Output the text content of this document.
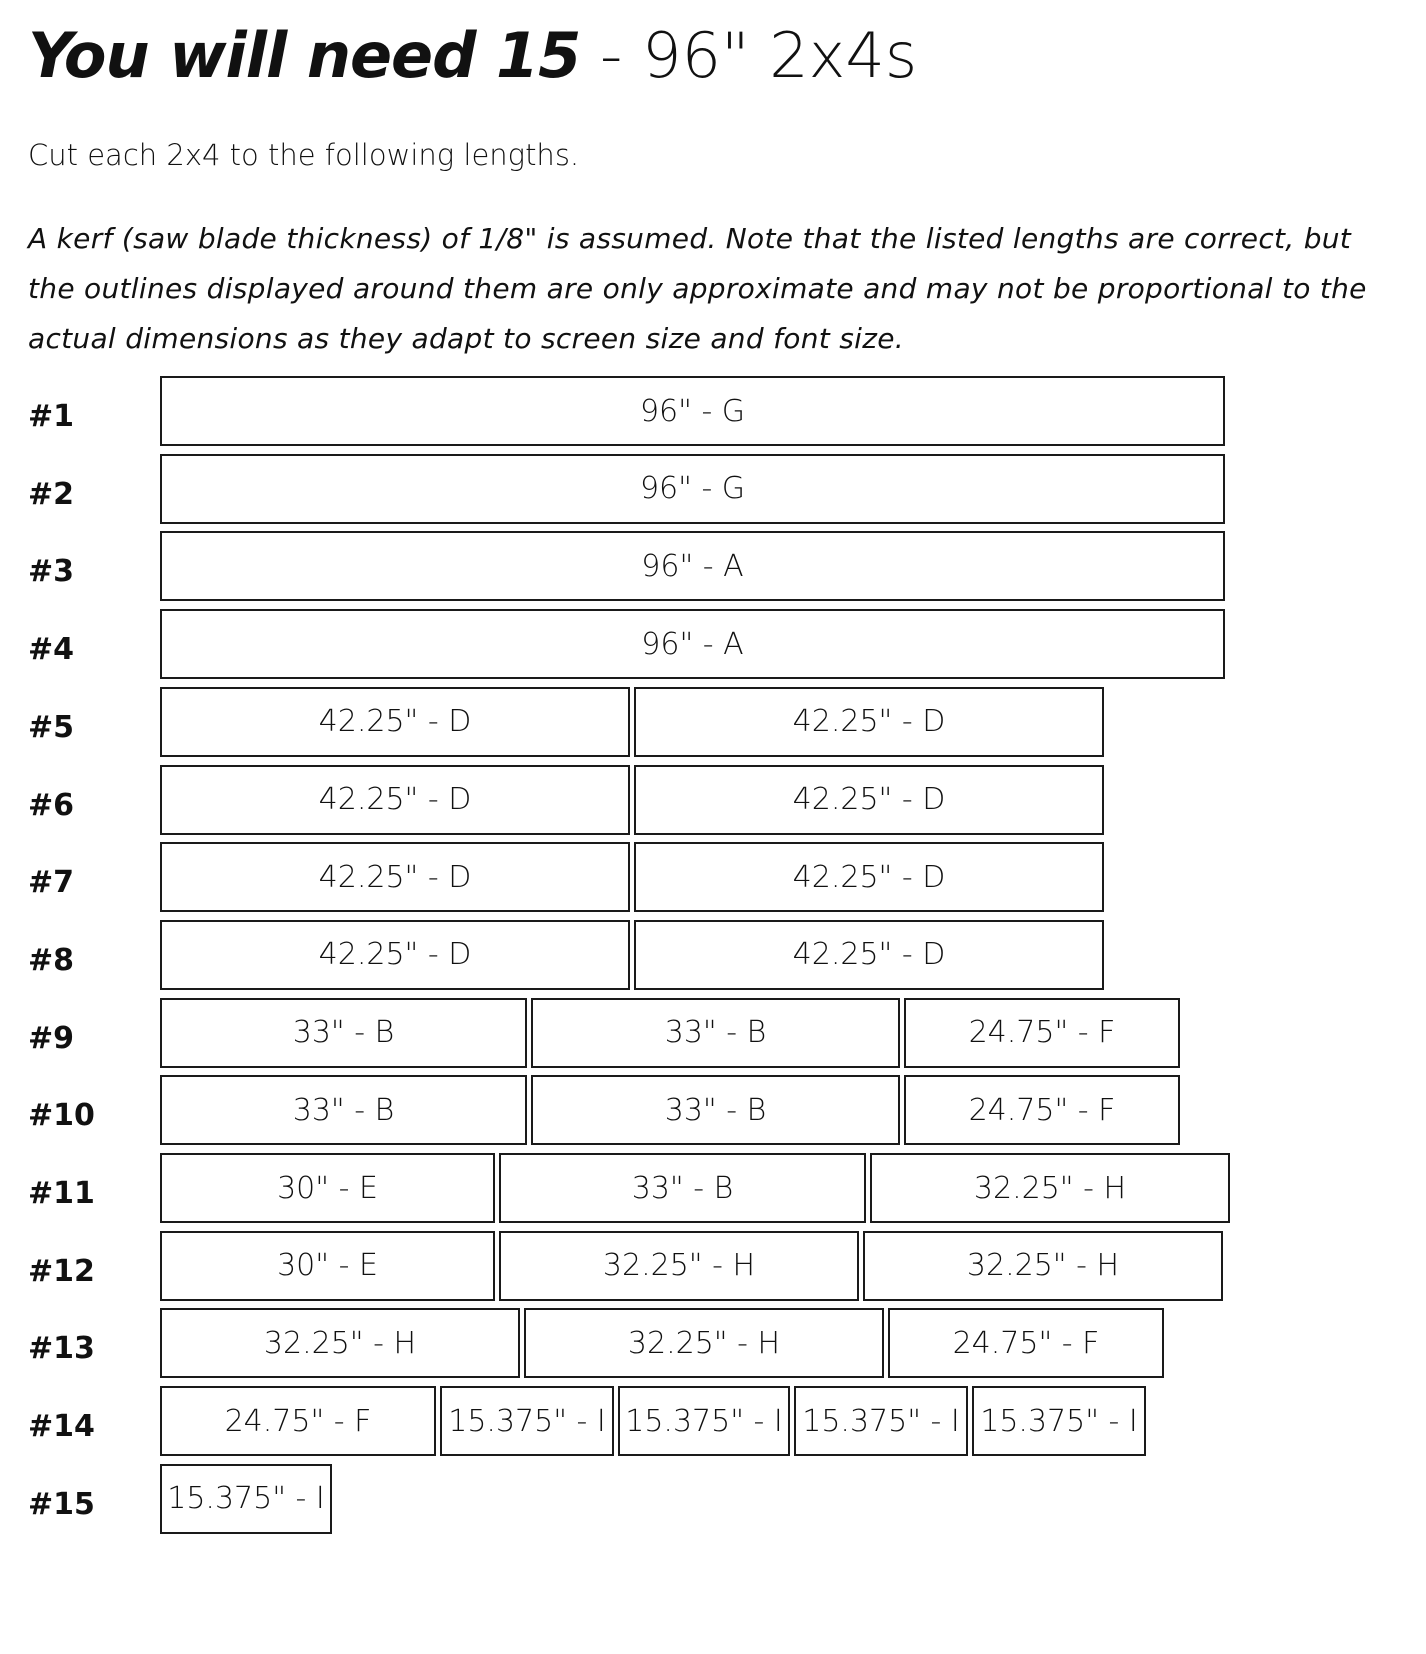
You will need 15 - 96" 2x4s

Cut each 2x4 to the following lengths.

A kerf (saw blade thickness) of 1/8" is assumed. Note that the listed lengths are correct, but the outlines displayed around them are only approximate and may not be proportional to the actual dimensions as they adapt to screen size and font size.

#1	96" - G
#2	96" - G
#3	96" - A
#4	96" - A
#5	42.25" - D	42.25" - D
#6	42.25" - D	42.25" - D
#7	42.25" - D	42.25" - D
#8	42.25" - D	42.25" - D
#9	33" - B	33" - B	24.75" - F
#10	33" - B	33" - B	24.75" - F
#11	30" - E	33" - B	32.25" - H
#12	30" - E	32.25" - H	32.25" - H
#13	32.25" - H	32.25" - H	24.75" - F
#14	24.75" - F	15.375" - I 15.375" - I 15.375" - I 15.375" - I
#15 15.375" - I
